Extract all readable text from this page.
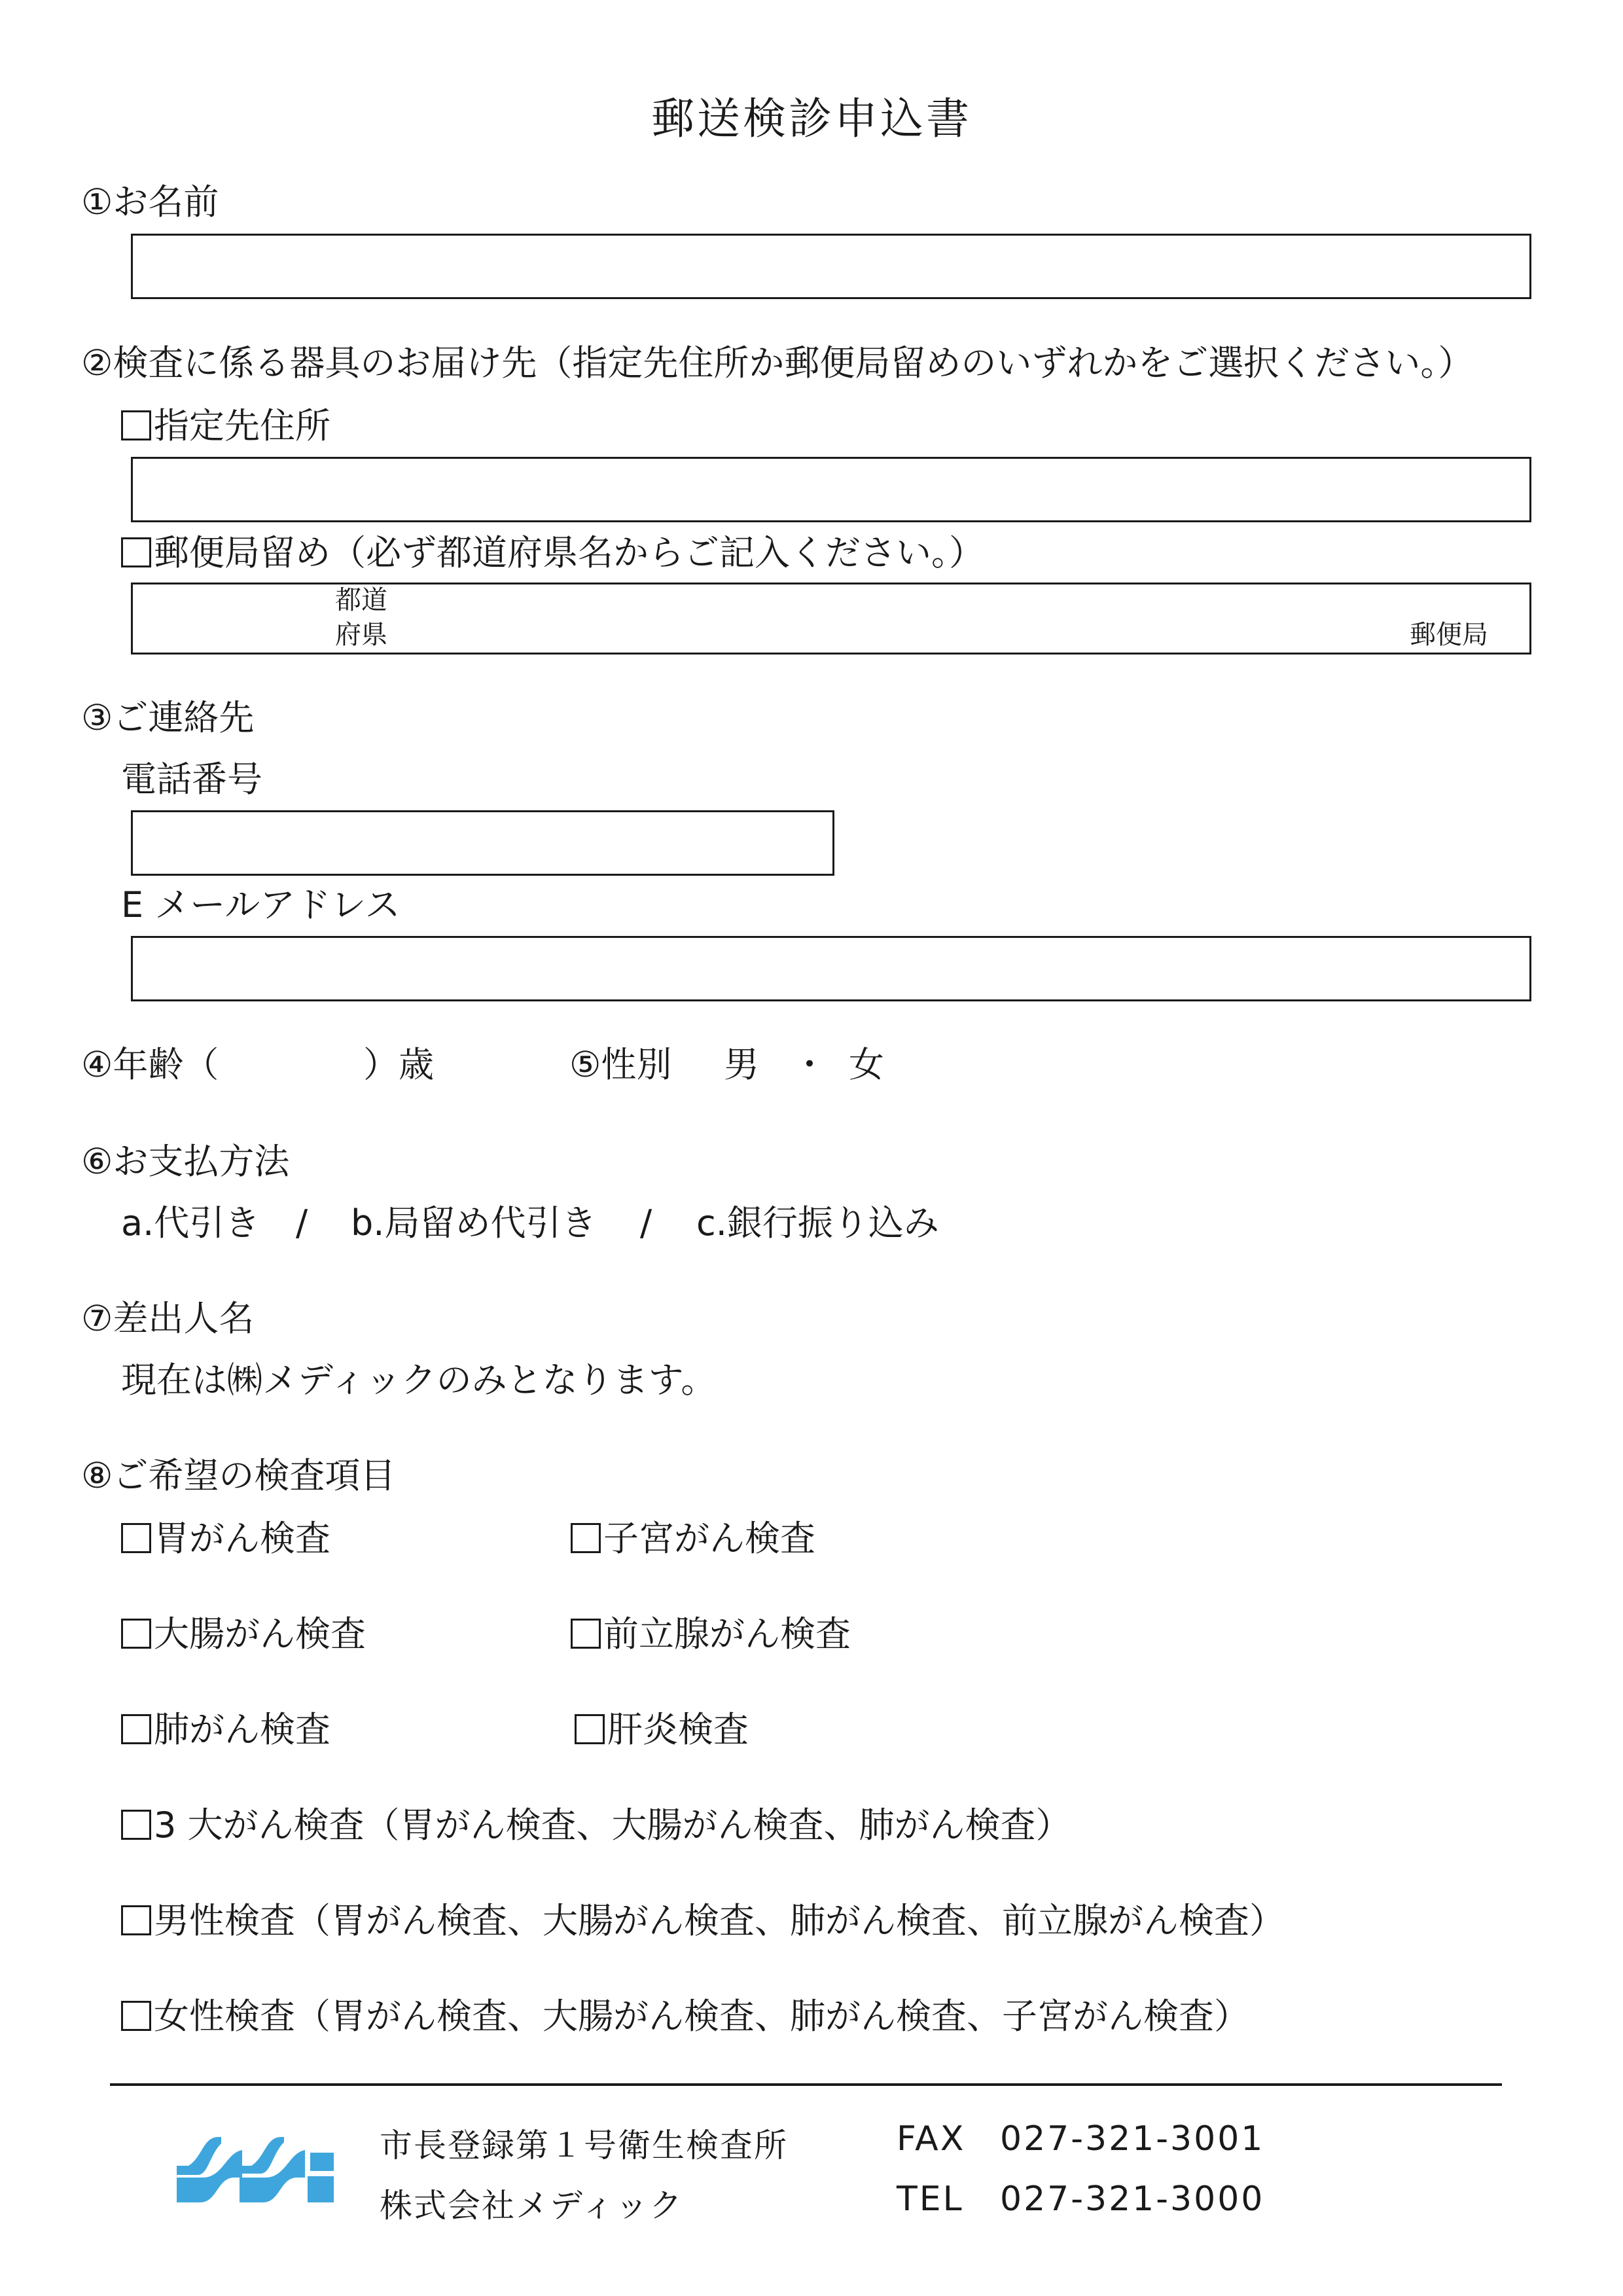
郵送検診申込書
①お名前
②検査に係る器具のお届け先（指定先住所か郵便局留めのいずれかをご選択ください。）
指定先住所
郵便局留め（必ず都道府県名からご記入ください。）
都道
府県	郵便局
③ご連絡先
電話番号
E メールアドレス
④年齢（	）歳	⑤性別 男 ・ 女
⑥お支払方法
a.代引き / b.局留め代引き / c.銀行振り込み
⑦差出人名
現在は㈱メディックのみとなります。
⑧ご希望の検査項目
胃がん検査	子宮がん検査
大腸がん検査	前立腺がん検査
肺がん検査	肝炎検査
3 大がん検査（胃がん検査、大腸がん検査、肺がん検査）
男性検査（胃がん検査、大腸がん検査、肺がん検査、前立腺がん検査）
女性検査（胃がん検査、大腸がん検査、肺がん検査、子宮がん検査）
市長登録第１号衛生検査所
株式会社メディック
FAX 027-321-3001
TEL 027-321-3000
